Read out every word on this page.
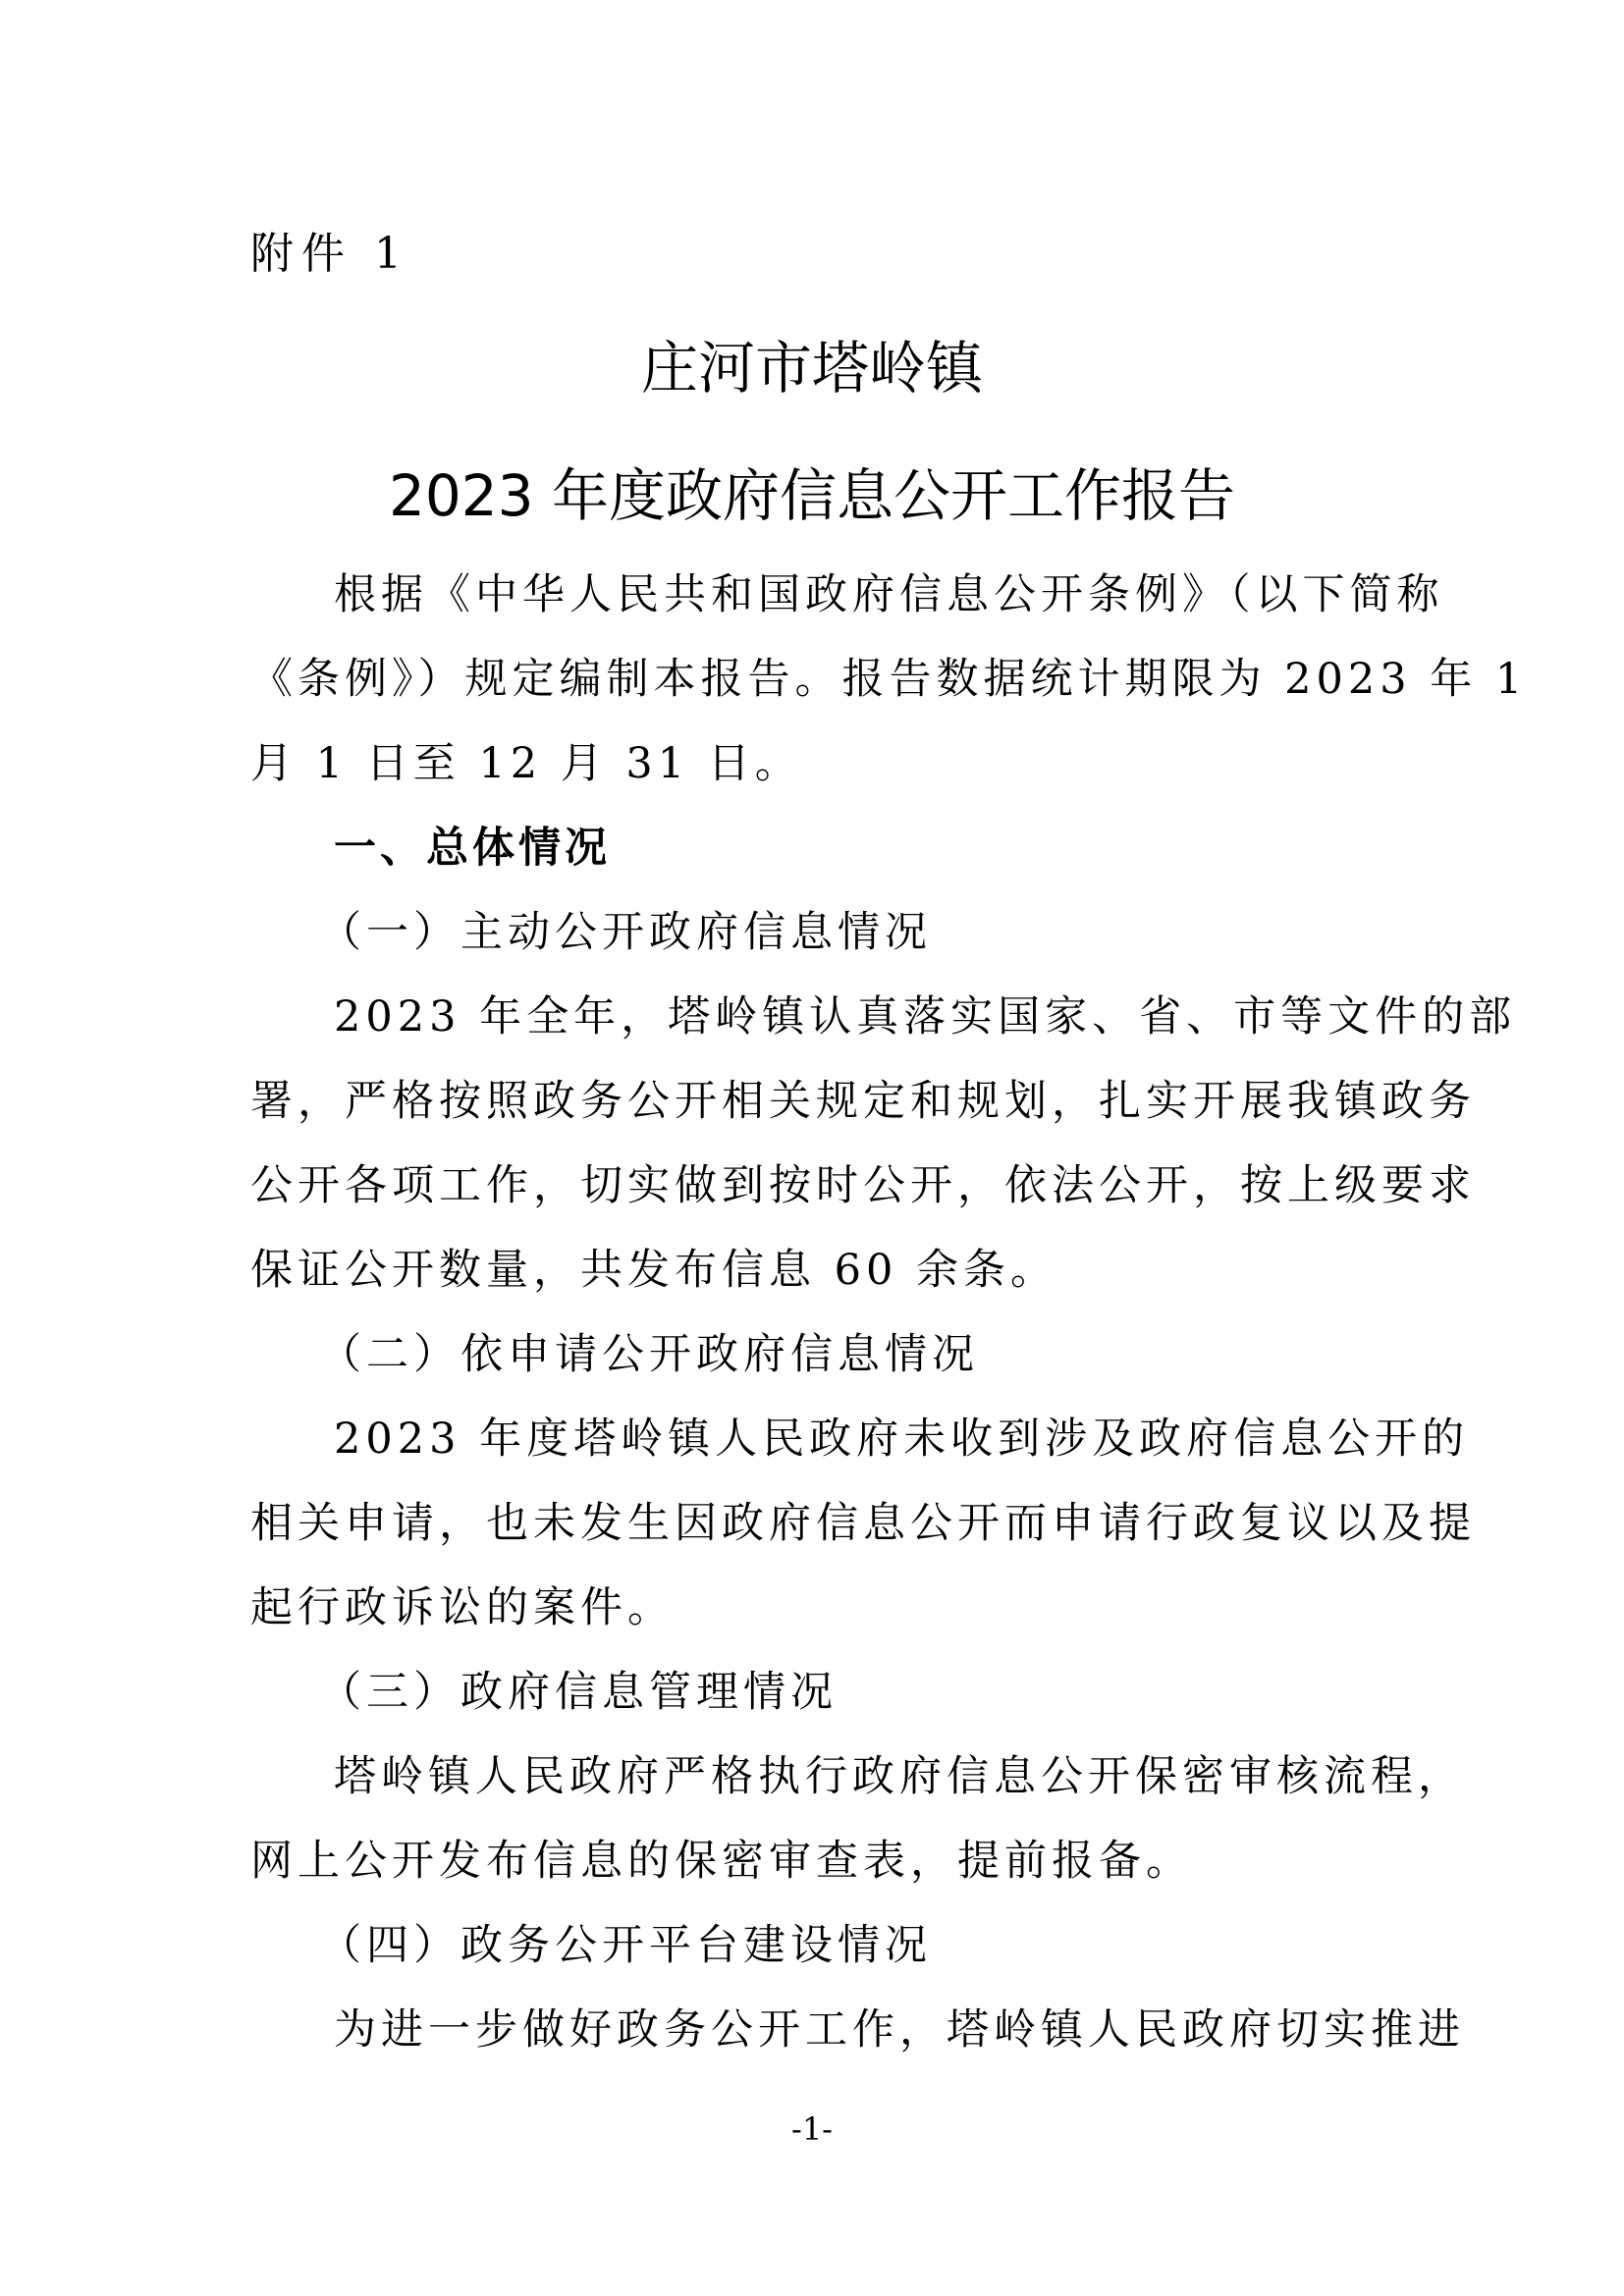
附件 1

庄河市塔岭镇

2023 年度政府信息公开工作报告

根据《中华人民共和国政府信息公开条例》（以下简称

《条例》）规定编制本报告。报告数据统计期限为 2023 年 1

月 1 日至 12 月 31 日。

一、总体情况

（一）主动公开政府信息情况

2023 年全年，塔岭镇认真落实国家、省、市等文件的部

署，严格按照政务公开相关规定和规划，扎实开展我镇政务

公开各项工作，切实做到按时公开，依法公开，按上级要求

保证公开数量，共发布信息 60 余条。

（二）依申请公开政府信息情况

2023 年度塔岭镇人民政府未收到涉及政府信息公开的

相关申请，也未发生因政府信息公开而申请行政复议以及提

起行政诉讼的案件。

（三）政府信息管理情况

塔岭镇人民政府严格执行政府信息公开保密审核流程，

网上公开发布信息的保密审查表，提前报备。

（四）政务公开平台建设情况

为进一步做好政务公开工作，塔岭镇人民政府切实推进

-1-
